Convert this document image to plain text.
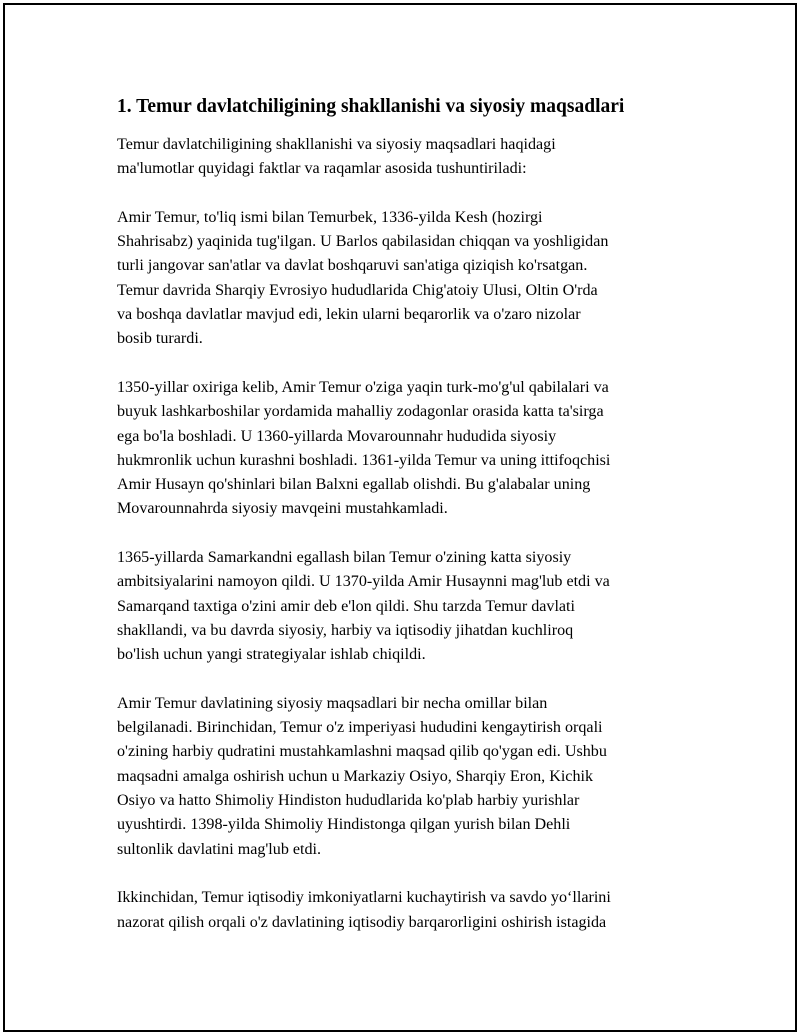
1. Temur davlatchiligining shakllanishi va siyosiy maqsadlari
Temur davlatchiligining shakllanishi va siyosiy maqsadlari haqidagi
ma'lumotlar quyidagi faktlar va raqamlar asosida tushuntiriladi:
Amir Temur, to'liq ismi bilan Temurbek, 1336-yilda Kesh (hozirgi
Shahrisabz) yaqinida tug'ilgan. U Barlos qabilasidan chiqqan va yoshligidan
turli jangovar san'atlar va davlat boshqaruvi san'atiga qiziqish ko'rsatgan.
Temur davrida Sharqiy Evrosiyo hududlarida Chig'atoiy Ulusi, Oltin O'rda
va boshqa davlatlar mavjud edi, lekin ularni beqarorlik va o'zaro nizolar
bosib turardi.
1350-yillar oxiriga kelib, Amir Temur o'ziga yaqin turk-mo'g'ul qabilalari va
buyuk lashkarboshilar yordamida mahalliy zodagonlar orasida katta ta'sirga
ega bo'la boshladi. U 1360-yillarda Movarounnahr hududida siyosiy
hukmronlik uchun kurashni boshladi. 1361-yilda Temur va uning ittifoqchisi
Amir Husayn qo'shinlari bilan Balxni egallab olishdi. Bu g'alabalar uning
Movarounnahrda siyosiy mavqeini mustahkamladi.
1365-yillarda Samarkandni egallash bilan Temur o'zining katta siyosiy
ambitsiyalarini namoyon qildi. U 1370-yilda Amir Husaynni mag'lub etdi va
Samarqand taxtiga o'zini amir deb e'lon qildi. Shu tarzda Temur davlati
shakllandi, va bu davrda siyosiy, harbiy va iqtisodiy jihatdan kuchliroq
bo'lish uchun yangi strategiyalar ishlab chiqildi.
Amir Temur davlatining siyosiy maqsadlari bir necha omillar bilan
belgilanadi. Birinchidan, Temur o'z imperiyasi hududini kengaytirish orqali
o'zining harbiy qudratini mustahkamlashni maqsad qilib qo'ygan edi. Ushbu
maqsadni amalga oshirish uchun u Markaziy Osiyo, Sharqiy Eron, Kichik
Osiyo va hatto Shimoliy Hindiston hududlarida ko'plab harbiy yurishlar
uyushtirdi. 1398-yilda Shimoliy Hindistonga qilgan yurish bilan Dehli
sultonlik davlatini mag'lub etdi.
Ikkinchidan, Temur iqtisodiy imkoniyatlarni kuchaytirish va savdo yo‘llarini
nazorat qilish orqali o'z davlatining iqtisodiy barqarorligini oshirish istagida
